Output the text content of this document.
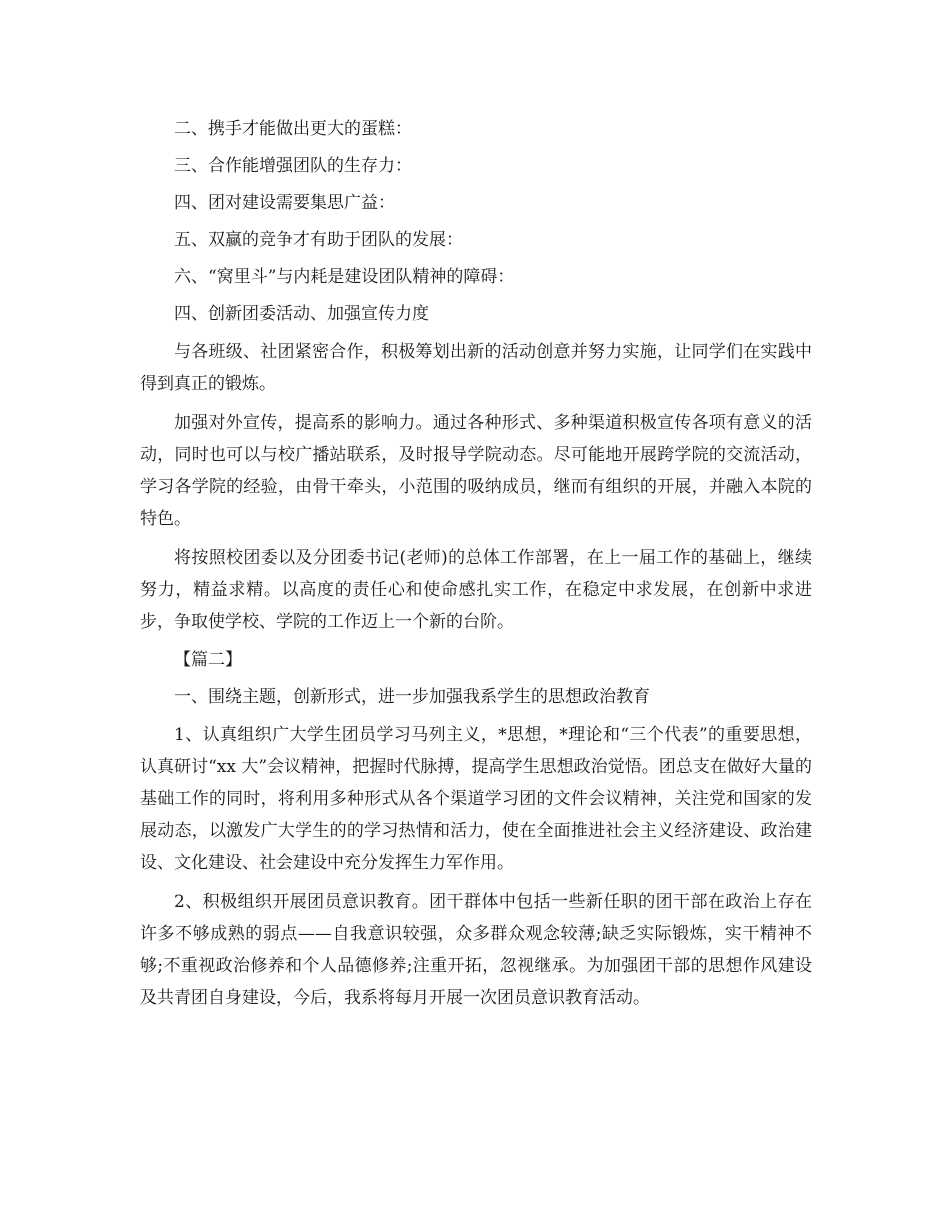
二、携手才能做出更大的蛋糕：

三、合作能增强团队的生存力：

四、团对建设需要集思广益：

五、双赢的竞争才有助于团队的发展：

六、“窝里斗”与内耗是建设团队精神的障碍：

四、创新团委活动、加强宣传力度

与各班级、社团紧密合作，积极筹划出新的活动创意并努力实施，让同学们在实践中得到真正的锻炼。

加强对外宣传，提高系的影响力。通过各种形式、多种渠道积极宣传各项有意义的活动，同时也可以与校广播站联系，及时报导学院动态。尽可能地开展跨学院的交流活动，学习各学院的经验，由骨干牵头，小范围的吸纳成员，继而有组织的开展，并融入本院的特色。

将按照校团委以及分团委书记(老师)的总体工作部署，在上一届工作的基础上，继续努力，精益求精。以高度的责任心和使命感扎实工作，在稳定中求发展，在创新中求进步，争取使学校、学院的工作迈上一个新的台阶。

【篇二】

一、围绕主题，创新形式，进一步加强我系学生的思想政治教育

1、认真组织广大学生团员学习马列主义，*思想，*理论和“三个代表”的重要思想，认真研讨“xx 大”会议精神，把握时代脉搏，提高学生思想政治觉悟。团总支在做好大量的基础工作的同时，将利用多种形式从各个渠道学习团的文件会议精神，关注党和国家的发展动态，以激发广大学生的的学习热情和活力，使在全面推进社会主义经济建设、政治建设、文化建设、社会建设中充分发挥生力军作用。

2、积极组织开展团员意识教育。团干群体中包括一些新任职的团干部在政治上存在许多不够成熟的弱点——自我意识较强，众多群众观念较薄;缺乏实际锻炼，实干精神不够;不重视政治修养和个人品德修养;注重开拓，忽视继承。为加强团干部的思想作风建设及共青团自身建设，今后，我系将每月开展一次团员意识教育活动。
